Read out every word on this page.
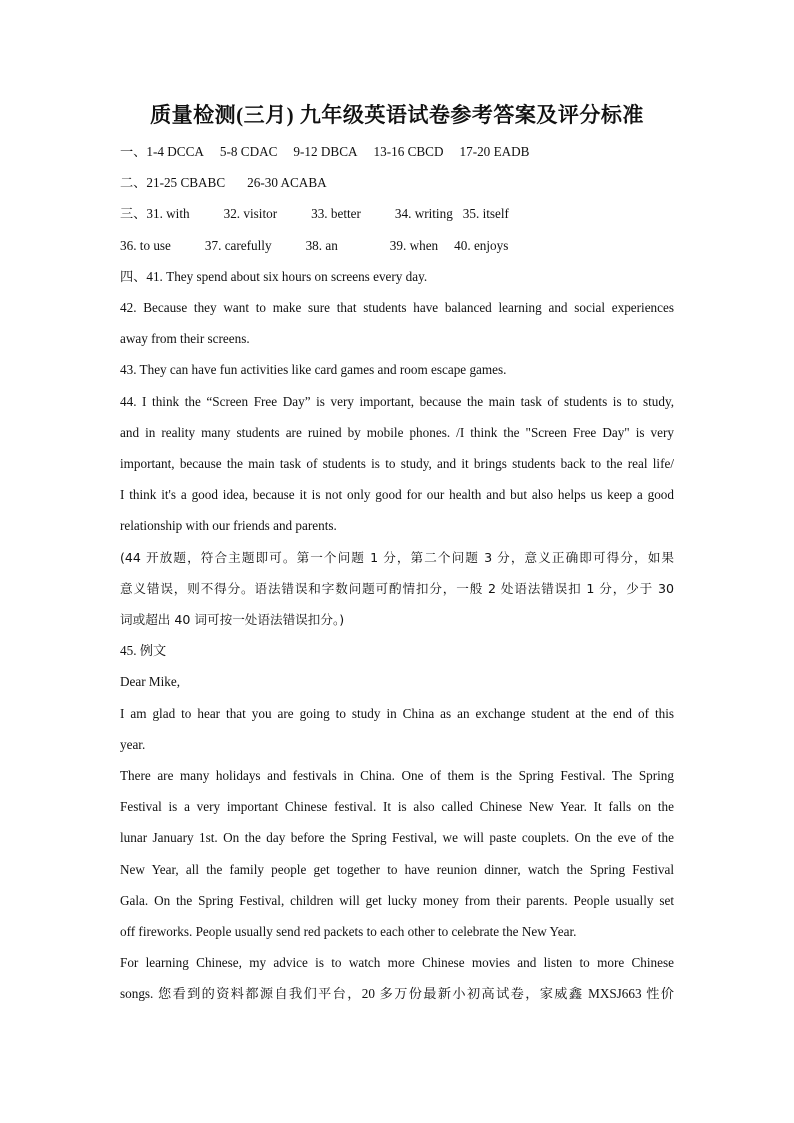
质量检测(三月) 九年级英语试卷参考答案及评分标准

一、1-4 DCCA 5-8 CDAC 9-12 DBCA 13-16 CBCD 17-20 EADB

二、21-25 CBABC 26-30 ACABA

三、31. with	32. visitor	33. better	34. writing 35. itself

36. to use	37. carefully	38. an	39. when 40. enjoys

四、41. They spend about six hours on screens every day.

42. Because they want to make sure that students have balanced learning and social experiences

away from their screens.

43. They can have fun activities like card games and room escape games.

44. I think the “Screen Free Day” is very important, because the main task of students is to study,

and in reality many students are ruined by mobile phones. /I think the "Screen Free Day" is very

important, because the main task of students is to study, and it brings students back to the real life/

I think it's a good idea, because it is not only good for our health and but also helps us keep a good

relationship with our friends and parents.

(44 开放题，符合主题即可。第一个问题 1 分，第二个问题 3 分，意义正确即可得分，如果

意义错误，则不得分。语法错误和字数问题可酌情扣分，一般 2 处语法错误扣 1 分，少于 30

词或超出 40 词可按一处语法错误扣分。)

45. 例文

Dear Mike,

I am glad to hear that you are going to study in China as an exchange student at the end of this

year.

There are many holidays and festivals in China. One of them is the Spring Festival. The Spring

Festival is a very important Chinese festival. It is also called Chinese New Year. It falls on the

lunar January 1st. On the day before the Spring Festival, we will paste couplets. On the eve of the

New Year, all the family people get together to have reunion dinner, watch the Spring Festival

Gala. On the Spring Festival, children will get lucky money from their parents. People usually set

off fireworks. People usually send red packets to each other to celebrate the New Year.

For learning Chinese, my advice is to watch more Chinese movies and listen to more Chinese

songs. 您看到的资料都源自我们平台，20 多万份最新小初高试卷，家威鑫 MXSJ663 性价
